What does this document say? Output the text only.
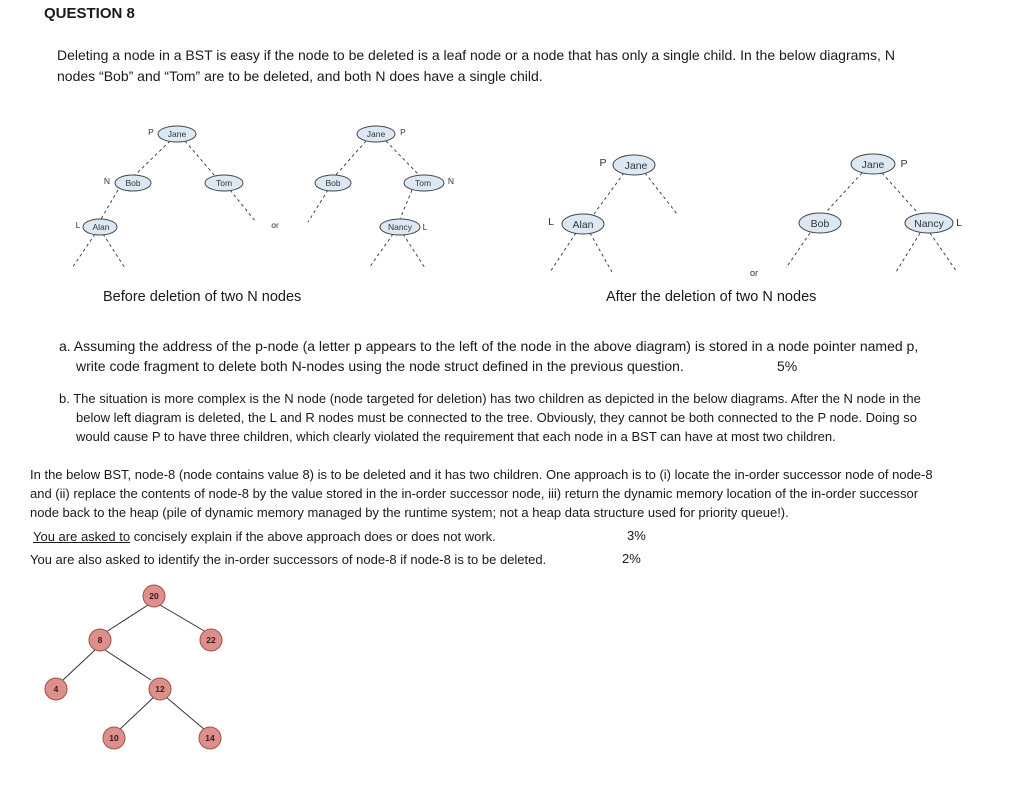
QUESTION 8
Deleting a node in a BST is easy if the node to be deleted is a leaf node or a node that has only a single child. In the below diagrams, N
nodes “Bob” and “Tom” are to be deleted, and both N does have a single child.
Jane
Bob	Tom
Alan
P
N
L	or
Jane
Bob	Tom
Nancy
P
N
L
Jane
Alan
P
L
Jane
Bob	Nancy
P
L
or
Before deletion of two N nodes	After the deletion of two N nodes
a. Assuming the address of the p-node (a letter p appears to the left of the node in the above diagram) is stored in a node pointer named p,
write code fragment to delete both N-nodes using the node struct defined in the previous question.	5%
b. The situation is more complex is the N node (node targeted for deletion) has two children as depicted in the below diagrams. After the N node in the
below left diagram is deleted, the L and R nodes must be connected to the tree. Obviously, they cannot be both connected to the P node. Doing so
would cause P to have three children, which clearly violated the requirement that each node in a BST can have at most two children.
In the below BST, node-8 (node contains value 8) is to be deleted and it has two children. One approach is to (i) locate the in-order successor node of node-8
and (ii) replace the contents of node-8 by the value stored in the in-order successor node, iii) return the dynamic memory location of the in-order successor
node back to the heap (pile of dynamic memory managed by the runtime system; not a heap data structure used for priority queue!).
You are asked to concisely explain if the above approach does or does not work.	3%
You are also asked to identify the in-order successors of node-8 if node-8 is to be deleted.	2%
20
8	22
4	12
10	14
